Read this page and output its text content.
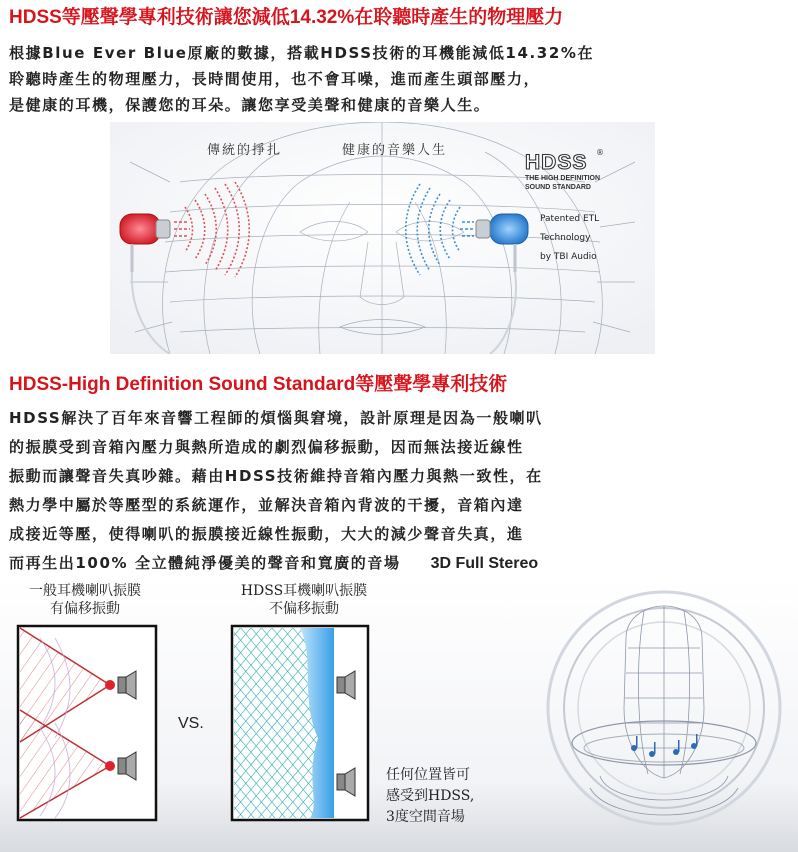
HDSS等壓聲學專利技術讓您減低14.32%在聆聽時產生的物理壓力
根據Blue Ever Blue原廠的數據，搭載HDSS技術的耳機能減低14.32%在
聆聽時產生的物理壓力，長時間使用，也不會耳噪，進而產生頭部壓力，
是健康的耳機，保護您的耳朵。讓您享受美聲和健康的音樂人生。
傳統的掙扎	健康的音樂人生
HDSS ®
THE HIGH DEFINITION
SOUND STANDARD
Patented ETL
Technology
by TBI Audio
HDSS-High Definition Sound Standard等壓聲學專利技術
HDSS解決了百年來音響工程師的煩惱與窘境，設計原理是因為一般喇叭
的振膜受到音箱內壓力與熱所造成的劇烈偏移振動，因而無法接近線性
振動而讓聲音失真吵雜。藉由HDSS技術維持音箱內壓力與熱一致性，在
熱力學中屬於等壓型的系統運作，並解決音箱內背波的干擾，音箱內達
成接近等壓，使得喇叭的振膜接近線性振動，大大的減少聲音失真，進
而再生出100% 全立體純淨優美的聲音和寬廣的音場 3D Full Stereo
VS.
一般耳機喇叭振膜
有偏移振動
HDSS耳機喇叭振膜
不偏移振動
任何位置皆可
感受到HDSS,
3度空間音場
